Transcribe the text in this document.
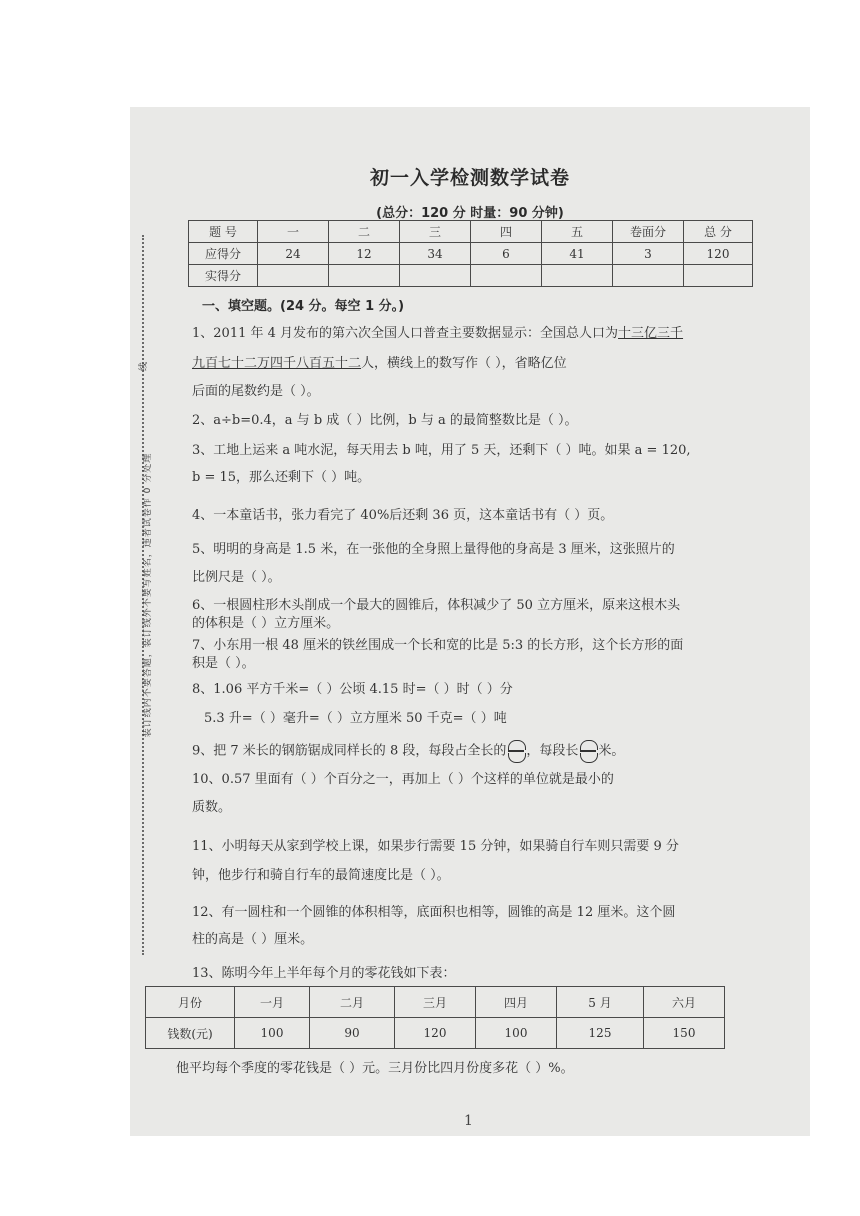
装订线内不要答题，装订线外不要写姓名，违者试卷作 0 分处理
线
初一入学检测数学试卷
(总分：120 分 时量：90 分钟)
题 号	一	二	三	四	五	卷面分	总 分
应得分	24	12	34	6	41	3	120
实得分							
一、填空题。(24 分。每空 1 分。)
1、2011 年 4 月发布的第六次全国人口普查主要数据显示：全国总人口为十三亿三千
九百七十二万四千八百五十二人，横线上的数写作（ ），省略亿位
后面的尾数约是（ ）。
2、a÷b=0.4，a 与 b 成（ ）比例，b 与 a 的最简整数比是（ ）。
3、工地上运来 a 吨水泥，每天用去 b 吨，用了 5 天，还剩下（ ）吨。如果 a = 120,
b = 15，那么还剩下（ ）吨。
4、一本童话书，张力看完了 40%后还剩 36 页，这本童话书有（ ）页。
5、明明的身高是 1.5 米，在一张他的全身照上量得他的身高是 3 厘米，这张照片的
比例尺是（ ）。
6、一根圆柱形木头削成一个最大的圆锥后，体积减少了 50 立方厘米，原来这根木头
的体积是（ ）立方厘米。
7、小东用一根 48 厘米的铁丝围成一个长和宽的比是 5:3 的长方形，这个长方形的面
积是（ ）。
8、1.06 平方千米=（ ）公顷 4.15 时=（ ）时（ ）分
5.3 升=（ ）毫升=（ ）立方厘米 50 千克=（ ）吨
9、把 7 米长的钢筋锯成同样长的 8 段，每段占全长的 ，每段长 米。
10、0.57 里面有（ ）个百分之一，再加上（ ）个这样的单位就是最小的
质数。
11、小明每天从家到学校上课，如果步行需要 15 分钟，如果骑自行车则只需要 9 分
钟，他步行和骑自行车的最简速度比是（ ）。
12、有一圆柱和一个圆锥的体积相等，底面积也相等，圆锥的高是 12 厘米。这个圆
柱的高是（ ）厘米。
13、陈明今年上半年每个月的零花钱如下表：
月份	一月	二月	三月	四月	5 月	六月
钱数(元)	100	90	120	100	125	150
他平均每个季度的零花钱是（ ）元。三月份比四月份度多花（ ）%。
1
